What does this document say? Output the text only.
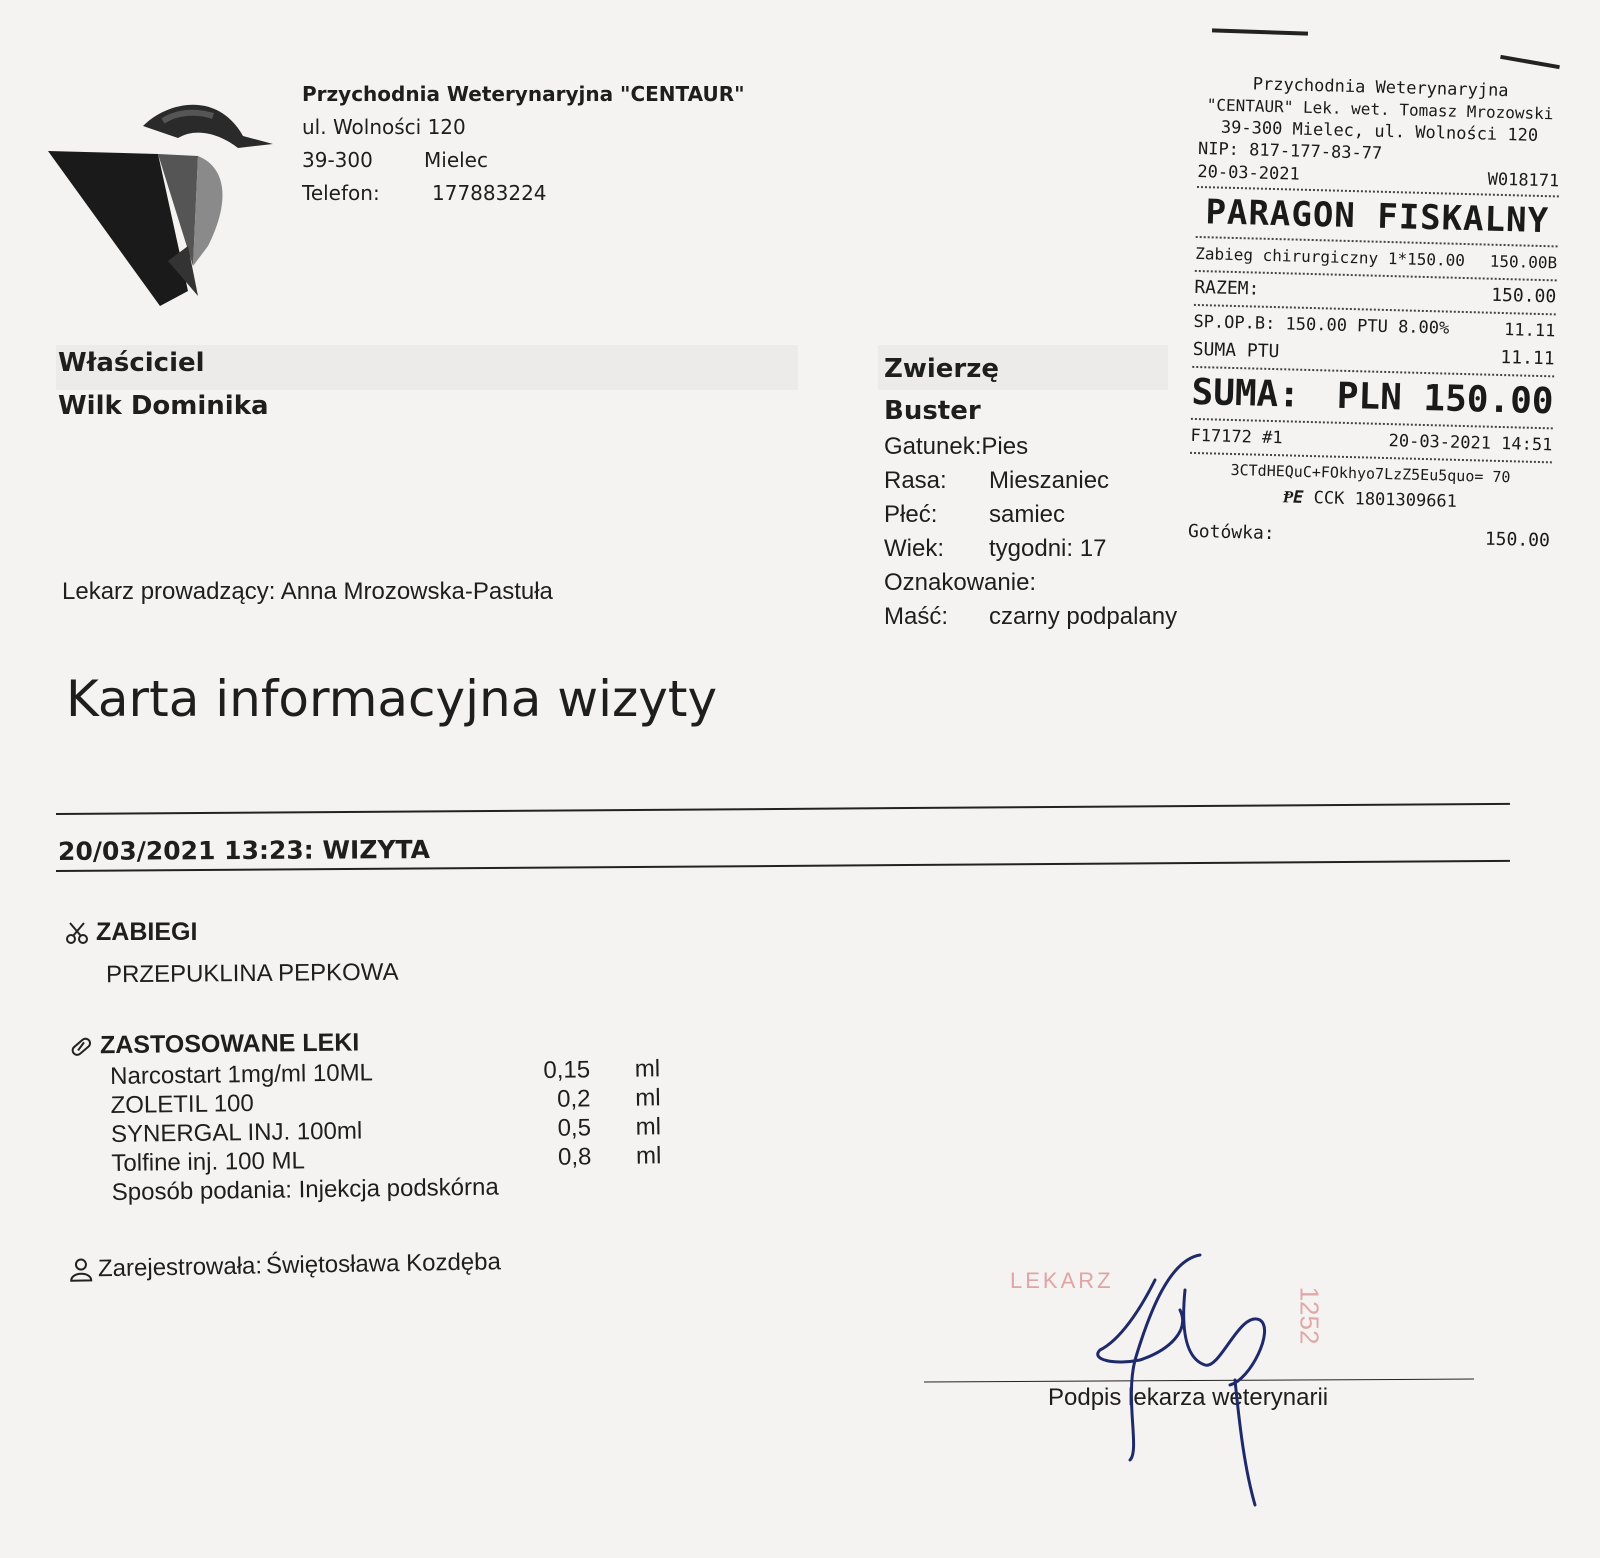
Przychodnia Weterynaryjna "CENTAUR"
ul. Wolności 120
39-300	Mielec
Telefon:	177883224
Właściciel
Wilk Dominika
Lekarz prowadzący: Anna Mrozowska-Pastuła
Zwierzę
Buster
Gatunek:Pies
Rasa: Mieszaniec
Płeć: samiec
Wiek: tygodni: 17
Oznakowanie:
Maść: czarny podpalany
Przychodnia Weterynaryjna
"CENTAUR" Lek. wet. Tomasz Mrozowski
39-300 Mielec, ul. Wolności 120
NIP: 817-177-83-77
20-03-2021	W018171
PARAGON FISKALNY
Zabieg chirurgiczny 1*150.00 150.00B
RAZEM:	150.00
SP.OP.B: 150.00 PTU 8.00%	11.11
SUMA PTU	11.11
SUMA: PLN 150.00
F17172 #1	20-03-2021 14:51
3CTdHEQuC+FOkhyo7LzZ5Eu5quo= 70
ⱣE CCK 1801309661
Gotówka:	150.00
Karta informacyjna wizyty
20/03/2021 13:23: WIZYTA
ZABIEGI
PRZEPUKLINA PEPKOWA
ZASTOSOWANE LEKI
Narcostart 1mg/ml 10ML	0,15	ml
ZOLETIL 100	0,2	ml
SYNERGAL INJ. 100ml	0,5	ml
Tolfine inj. 100 ML	0,8	ml
Sposób podania: Injekcja podskórna
Zarejestrowała: Świętosława Kozdęba
LEKARZ
1252
Podpis lekarza weterynarii
